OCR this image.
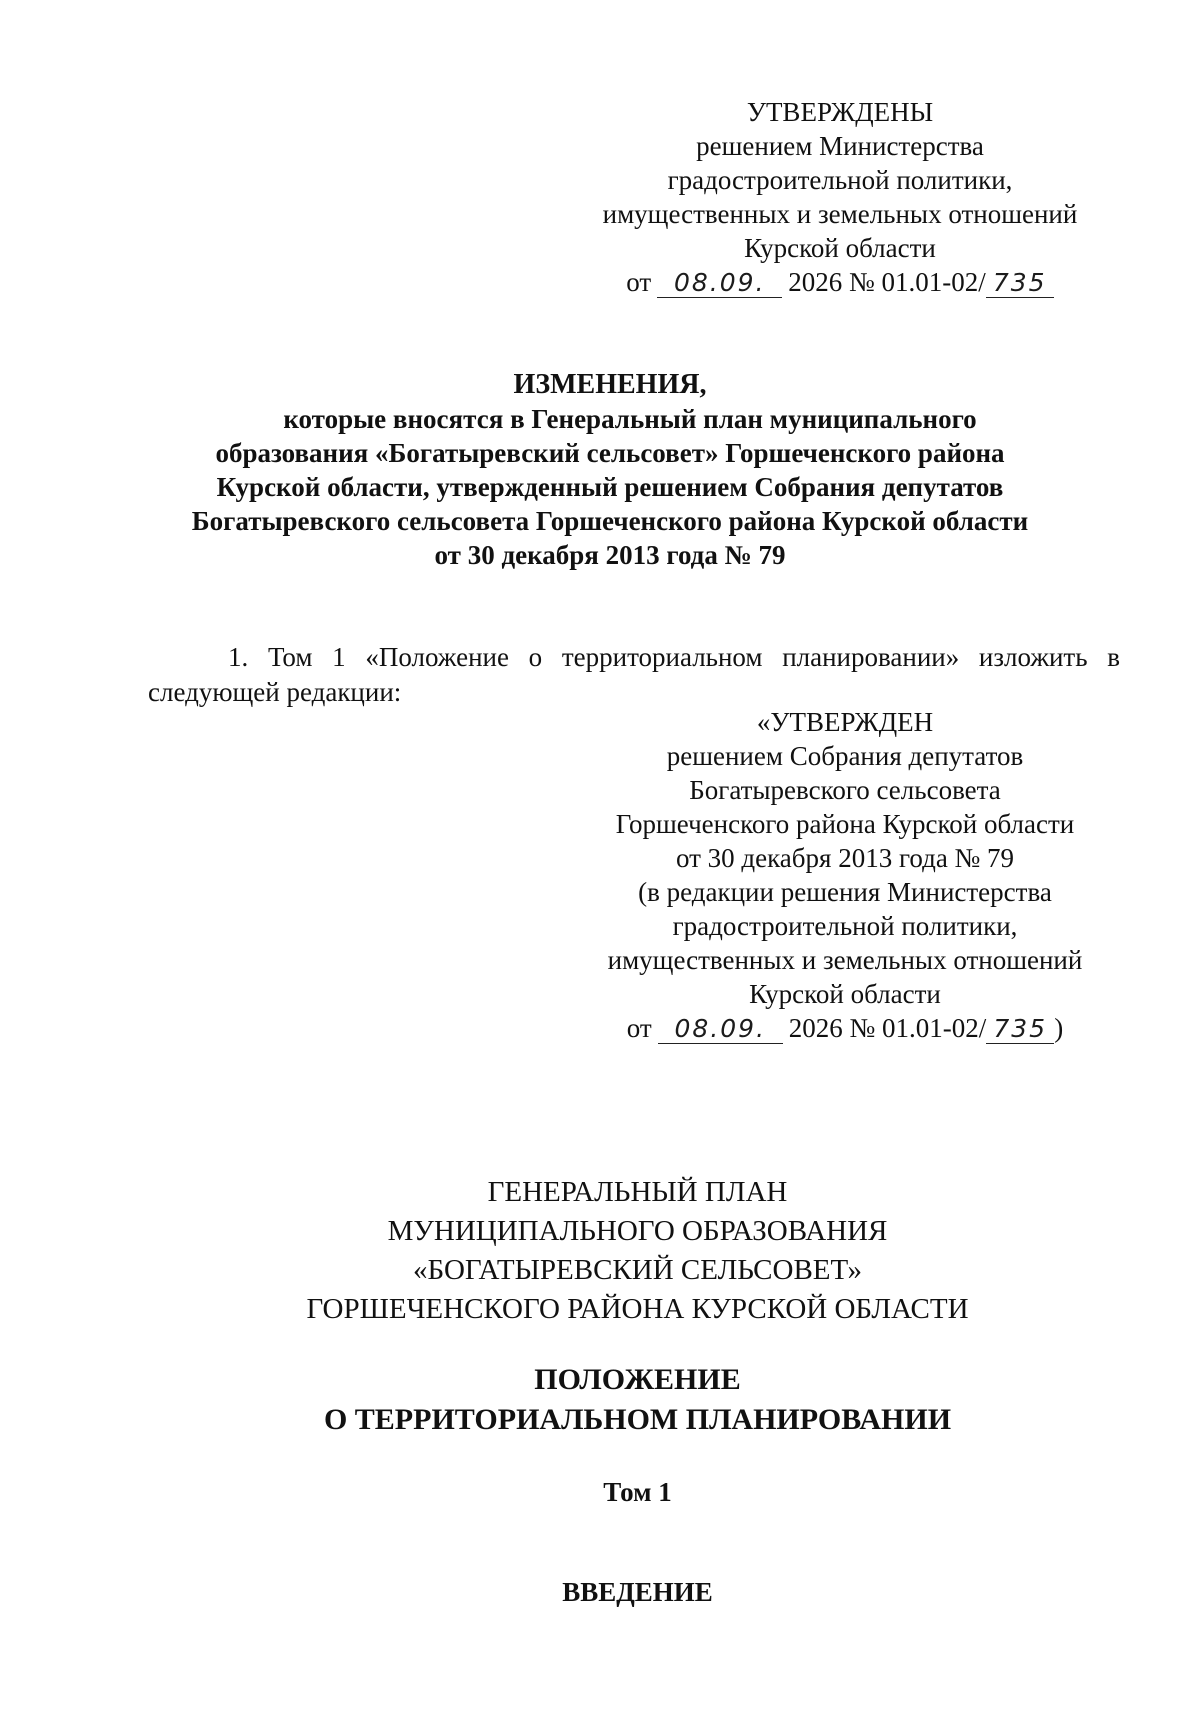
УТВЕРЖДЕНЫ
решением Министерства
градостроительной политики,
имущественных и земельных отношений
Курской области
от 08.09. 2026 № 01.01-02/ 735
ИЗМЕНЕНИЯ,
которые вносятся в Генеральный план муниципального
образования «Богатыревский сельсовет» Горшеченского района
Курской области, утвержденный решением Собрания депутатов
Богатыревского сельсовета Горшеченского района Курской области
от 30 декабря 2013 года № 79
1. Том 1 «Положение о территориальном планировании» изложить в следующей редакции:
«УТВЕРЖДЕН
решением Собрания депутатов
Богатыревского сельсовета
Горшеченского района Курской области
от 30 декабря 2013 года № 79
(в редакции решения Министерства
градостроительной политики,
имущественных и земельных отношений
Курской области
от 08.09. 2026 № 01.01-02/ 735 )
ГЕНЕРАЛЬНЫЙ ПЛАН
МУНИЦИПАЛЬНОГО ОБРАЗОВАНИЯ
«БОГАТЫРЕВСКИЙ СЕЛЬСОВЕТ»
ГОРШЕЧЕНСКОГО РАЙОНА КУРСКОЙ ОБЛАСТИ
ПОЛОЖЕНИЕ
О ТЕРРИТОРИАЛЬНОМ ПЛАНИРОВАНИИ
Том 1
ВВЕДЕНИЕ
